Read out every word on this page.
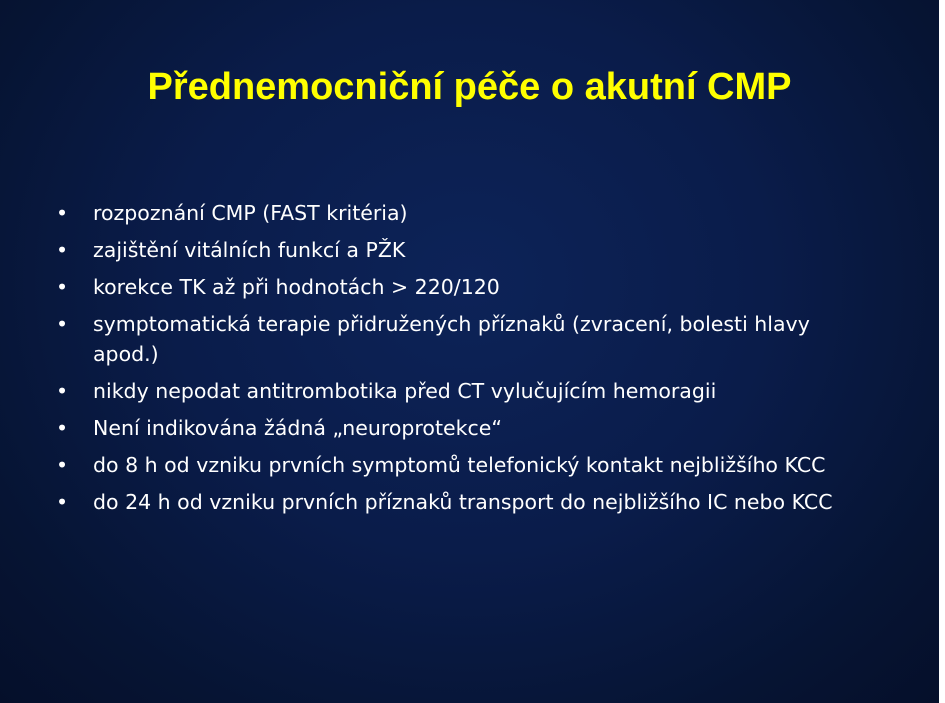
Přednemocniční péče o akutní CMP
• rozpoznání CMP (FAST kritéria)
• zajištění vitálních funkcí a PŽK
• korekce TK až při hodnotách > 220/120
• symptomatická terapie přidružených příznaků (zvracení, bolesti hlavy apod.)
• nikdy nepodat antitrombotika před CT vylučujícím hemoragii
• Není indikována žádná „neuroprotekce“
• do 8 h od vzniku prvních symptomů telefonický kontakt nejbližšího KCC
• do 24 h od vzniku prvních příznaků transport do nejbližšího IC nebo KCC
